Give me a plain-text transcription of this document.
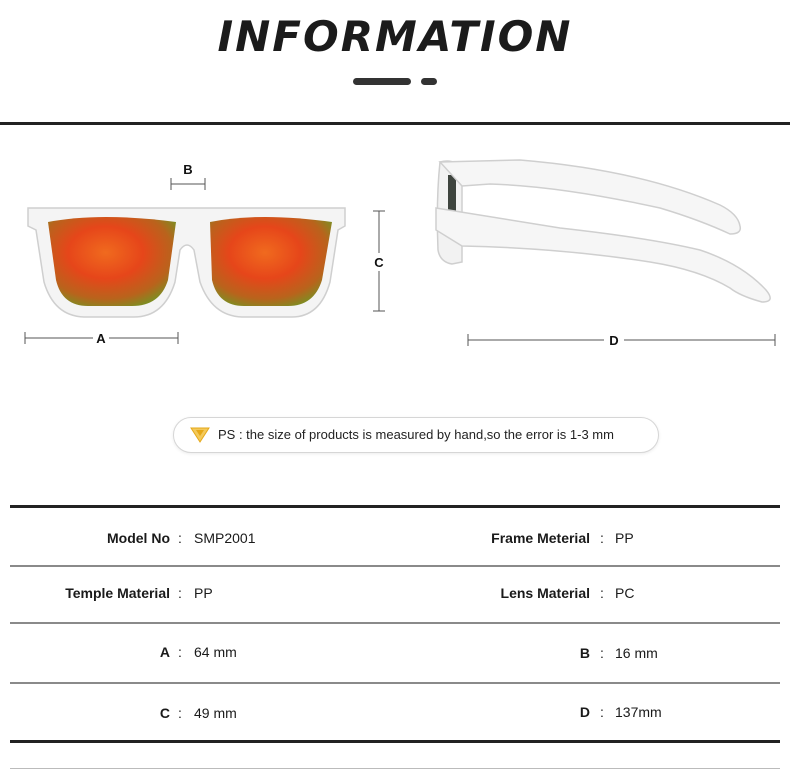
INFORMATION
A
B
C
D
PS : the size of products is measured by hand,so the error is 1-3 mm
Model No : SMP2001	Frame Meterial : PP
Temple Material : PP	Lens Material : PC
A : 64 mm	B : 16 mm
C : 49 mm	D : 137mm
